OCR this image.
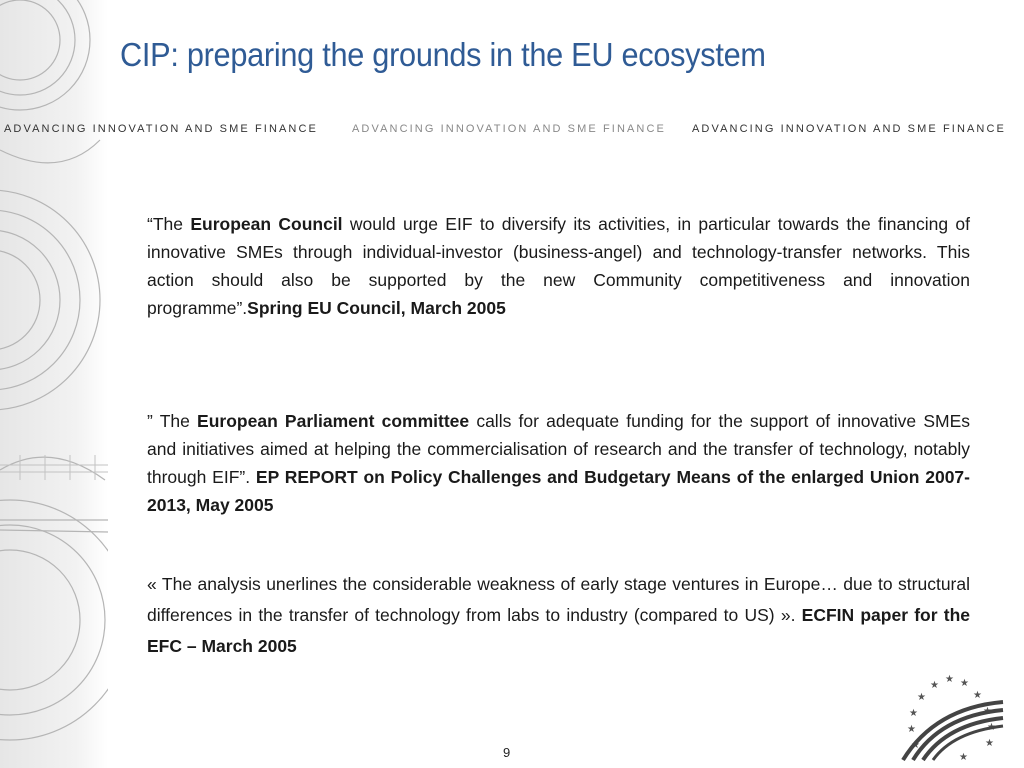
CIP: preparing the grounds in the EU ecosystem
ADVANCING INNOVATION AND SME FINANCE	ADVANCING INNOVATION AND SME FINANCE ADVANCING INNOVATION AND SME FINANCE
“The European Council would urge EIF to diversify its activities, in particular towards the financing of innovative SMEs through individual-investor (business-angel) and technology-transfer networks. This action should also be supported by the new Community competitiveness and innovation programme”.Spring EU Council, March 2005
” The European Parliament committee calls for adequate funding for the support of innovative SMEs and initiatives aimed at helping the commercialisation of research and the transfer of technology, notably through EIF”. EP REPORT on Policy Challenges and Budgetary Means of the enlarged Union 2007-2013, May 2005
« The analysis unerlines the considerable weakness of early stage ventures in Europe… due to structural differences in the transfer of technology from labs to industry (compared to US) ». ECFIN paper for the EFC – March 2005
9
★
★ ★
★	★
★	★
★	★
★	★
★
